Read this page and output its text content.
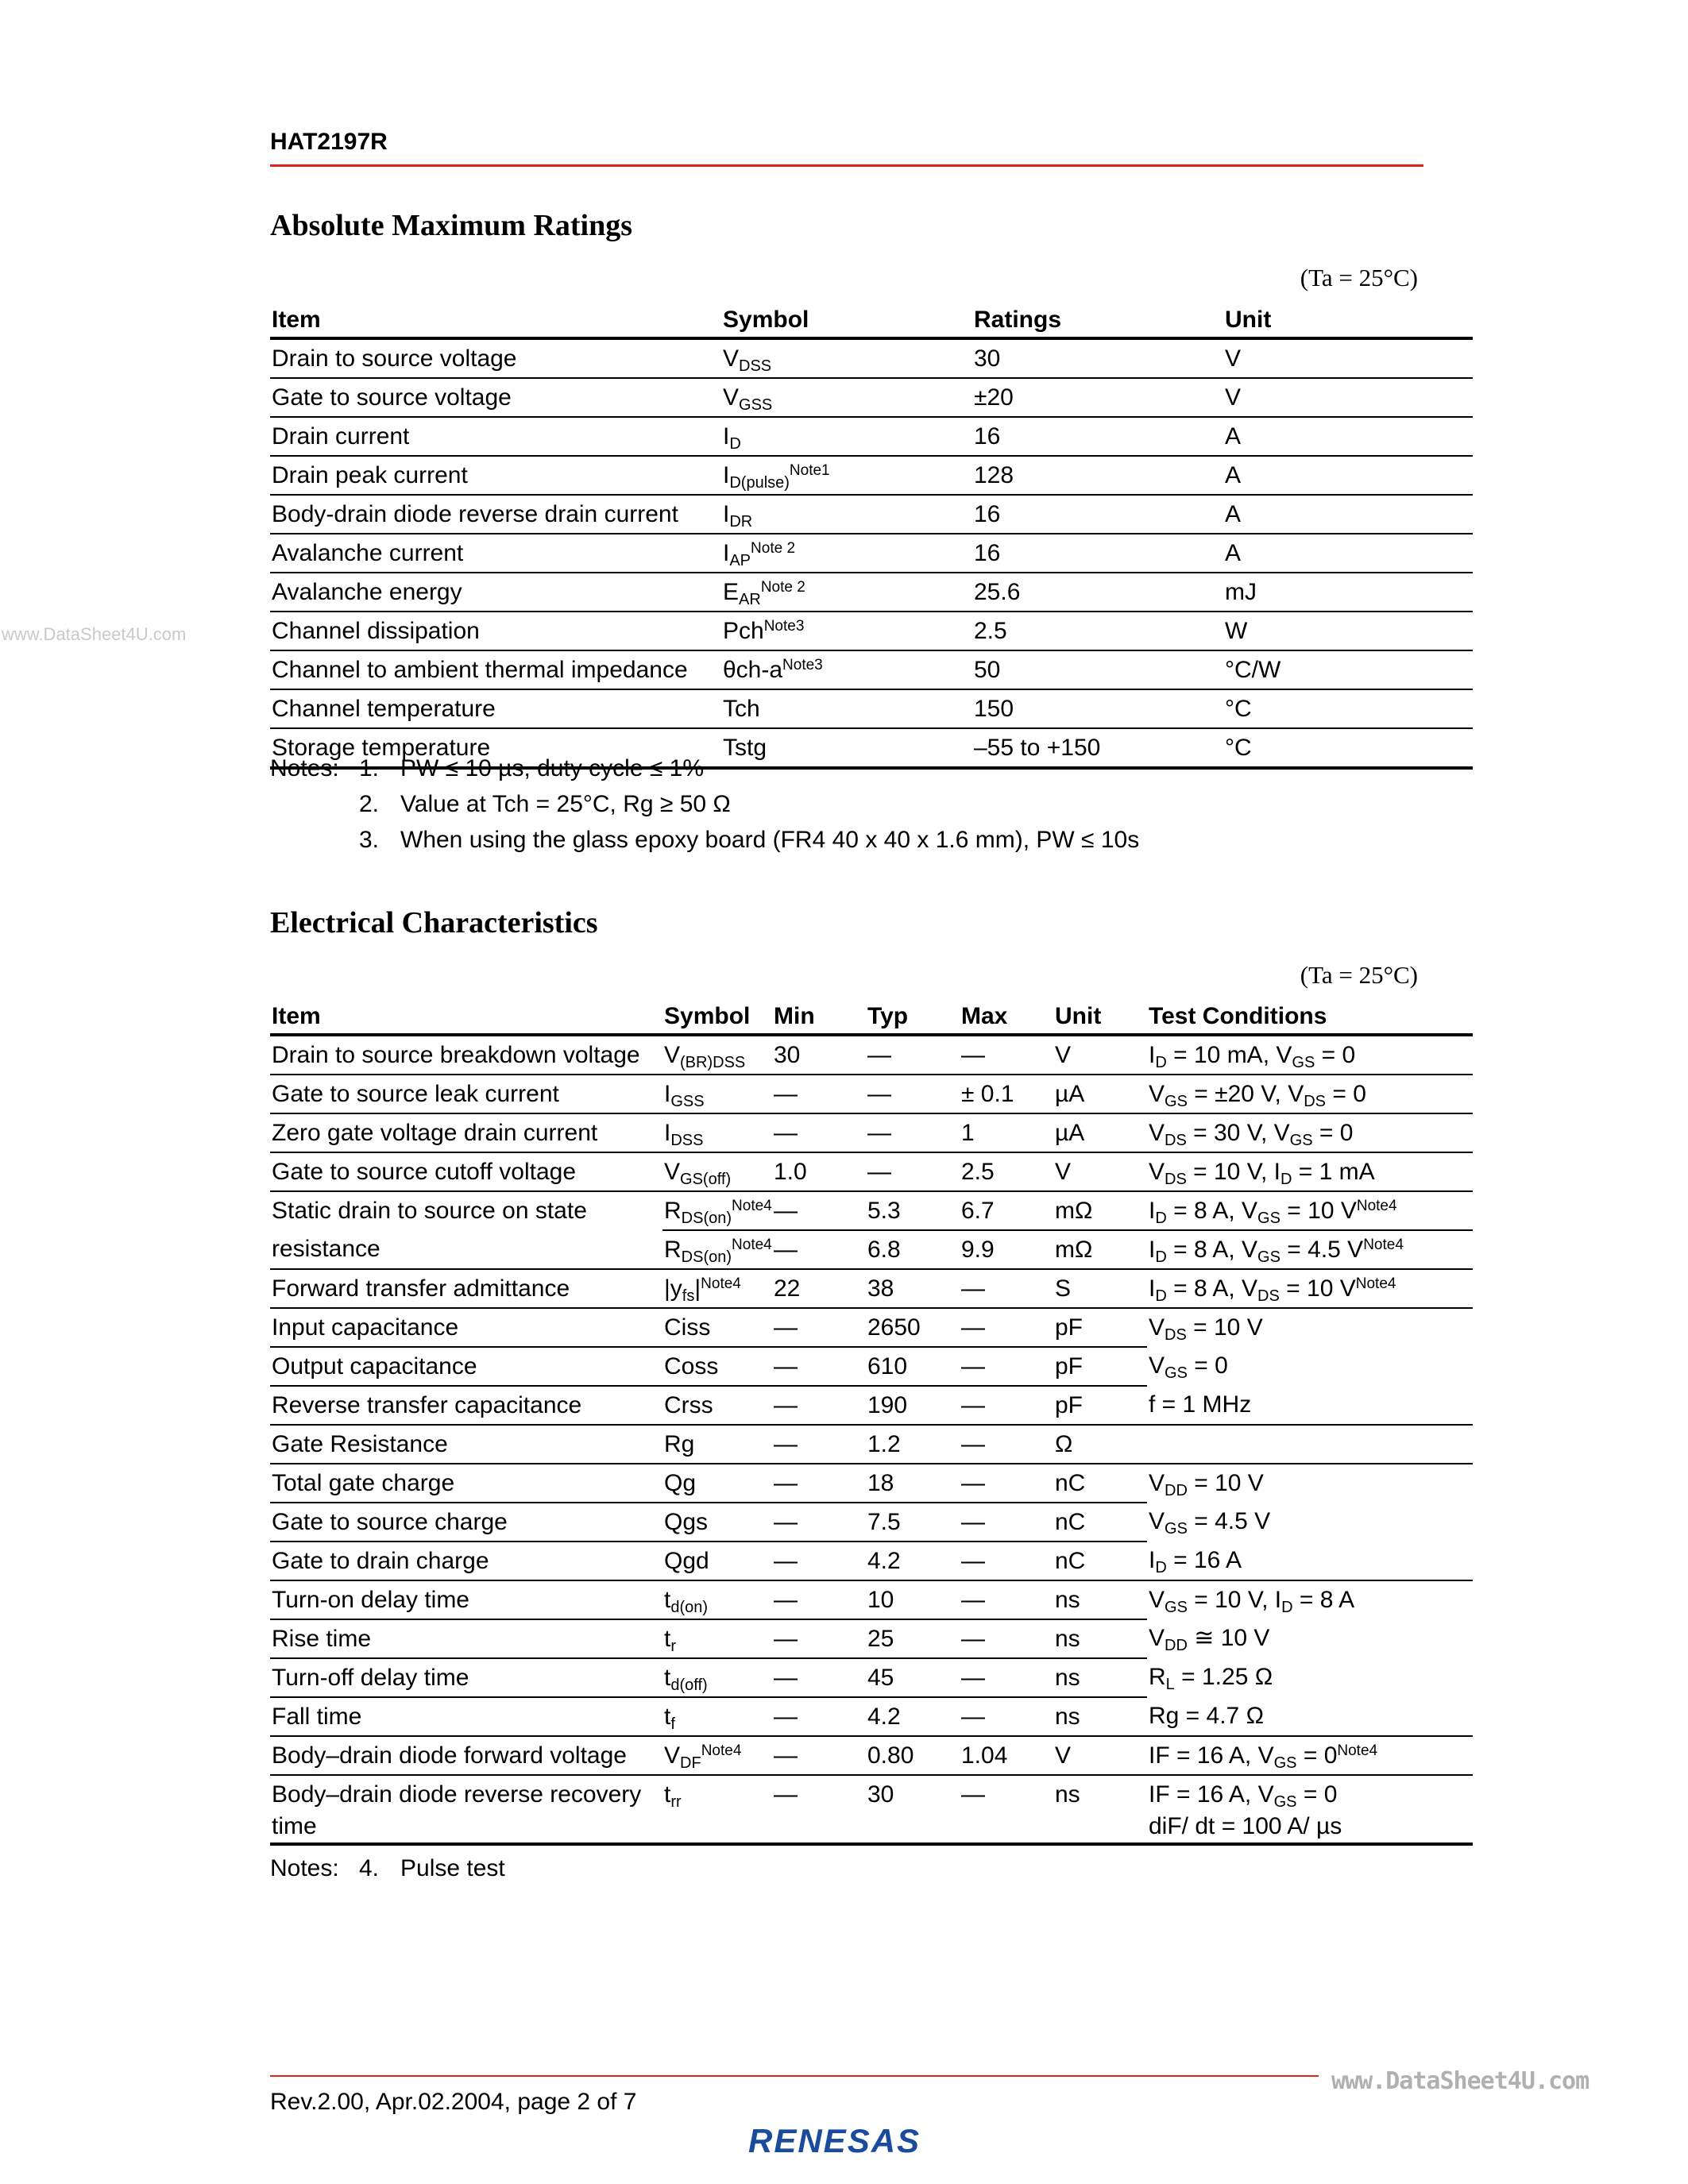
HAT2197R
Absolute Maximum Ratings
(Ta = 25°C)
Item	Symbol	Ratings	Unit
Drain to source voltage	$V_{DSS}$	30	V
Gate to source voltage	$V_{GSS}$	±20	V
Drain current	$I_D$	16	A
Drain peak current	$I_{D(pulse)}^{Note1}$	128	A
Body-drain diode reverse drain current	$I_{DR}$	16	A
Avalanche current	$I_{AP}^{Note 2}$	16	A
Avalanche energy	$E_{AR}^{Note 2}$	25.6	mJ
Channel dissipation	Pch$^{Note3}$	2.5	W
Channel to ambient thermal impedance	θch-$a^{Note3}$	50	°C/W
Channel temperature	Tch	150	°C
Storage temperature	Tstg	–55 to +150	°C
Notes: 1. PW ≤ 10 µs, duty cycle ≤ 1%
2. Value at Tch = 25°C, Rg ≥ 50 Ω
3. When using the glass epoxy board (FR4 40 x 40 x 1.6 mm), PW ≤ 10s
Electrical Characteristics
(Ta = 25°C)
Item	Symbol	Min	Typ	Max	Unit	Test Conditions
Drain to source breakdown voltage	$V_{(BR)DSS}$	30	—	—	V	$I_D = 10$ mA, $V_{GS} = 0$
Gate to source leak current	$I_{GSS}$	—	—	± 0.1	µA	$V_{GS} = \pm 20$ V, $V_{DS} = 0$
Zero gate voltage drain current	$I_{DSS}$	—	—	1	µA	$V_{DS} = 30$ V, $V_{GS} = 0$
Gate to source cutoff voltage	$V_{GS(off)}$	1.0	—	2.5	V	$V_{DS} = 10$ V, $I_D = 1$ mA
Static drain to source on state	$R_{DS(on)}^{Note4}$	—	5.3	6.7	mΩ	$I_D = 8$ A, $V_{GS} = 10$ $V^{Note4}$
resistance	$R_{DS(on)}^{Note4}$	—	6.8	9.9	mΩ	$I_D = 8$ A, $V_{GS} = 4.5$ $V^{Note4}$
Forward transfer admittance	$|y_{fs}|^{Note4}$	22	38	—	S	$I_D = 8$ A, $V_{DS} = 10$ $V^{Note4}$
Input capacitance	Ciss	—	2650	—	pF	$V_{DS} = 10$ V
Output capacitance	Coss	—	610	—	pF	$V_{GS} = 0$
Reverse transfer capacitance	Crss	—	190	—	pF	f = 1 MHz
Gate Resistance	Rg	—	1.2	—	Ω	
Total gate charge	Qg	—	18	—	nC	$V_{DD} = 10$ V
Gate to source charge	Qgs	—	7.5	—	nC	$V_{GS} = 4.5$ V
Gate to drain charge	Qgd	—	4.2	—	nC	$I_D = 16$ A
Turn-on delay time	$t_{d(on)}$	—	10	—	ns	$V_{GS} = 10$ V, $I_D = 8$ A
Rise time	$t_r$	—	25	—	ns	$V_{DD}$ ≅ 10 V
Turn-off delay time	$t_{d(off)}$	—	45	—	ns	$R_L = 1.25$ Ω
Fall time	$t_f$	—	4.2	—	ns	Rg = 4.7 Ω
Body–drain diode forward voltage	$V_{DF}^{Note4}$	—	0.80	1.04	V	IF = 16 A, $V_{GS} = 0^{Note4}$
Body–drain diode reverse recovery time	$t_{rr}$	—	30	—	ns	IF = 16 A, $V_{GS} = 0$
diF/ dt = 100 A/ µs
Notes: 4. Pulse test
www.DataSheet4U.com
www.DataSheet4U.com
Rev.2.00, Apr.02.2004, page 2 of 7
RENESAS
